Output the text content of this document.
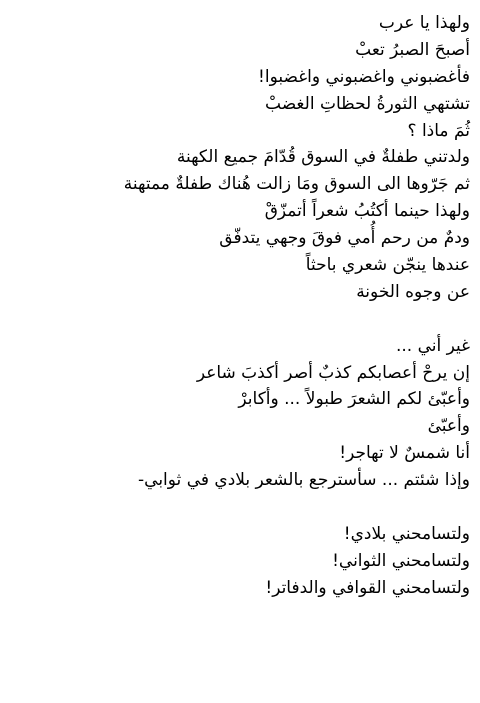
ولهذا يا عرب
أصبحَ الصبرُ تعبْ
فأغضبوني واغضبوني واغضبوا!
تشتهي الثورةُ لحظاتِ الغضبْ
ثُمَ ماذا ؟
ولدتني طفلةٌ في السوق قُدّامَ جميع الكهنة
ثم جَرّوها الى السوق ومَا زالت هُناك طفلةٌ ممتهنة
ولهذا حينما أكتُبُ شعراً أتمزّقْ
ودمٌ من رحم أُمي فوقَ وجهي يتدفّق
عندها ينجّن شعري باحثاً
عن وجوه الخونة
غير أني ...
إن يرحْ أعصابكم كذبٌ أصر أكذبَ شاعر
وأعبّئ لكم الشعرَ طبولاً ... وأكابرْ
وأعبّئ
أنا شمسٌ لا تهاجر!
وإذا شئتم ... سأسترجع بالشعر بلادي في ثوابي-
ولتسامحني بلادي!
ولتسامحني الثواني!
ولتسامحني القوافي والدفاتر!
